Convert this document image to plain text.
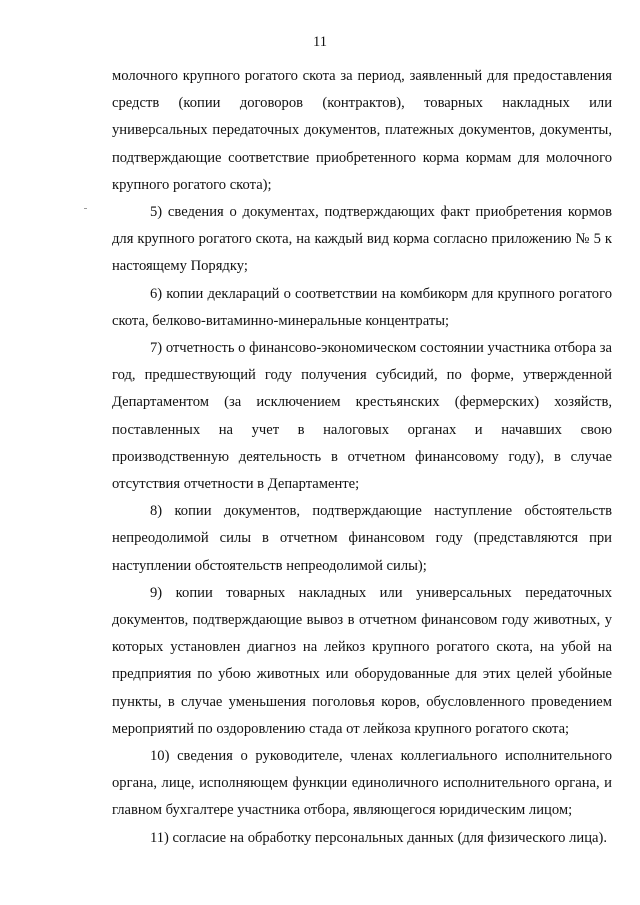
11

молочного крупного рогатого скота за период, заявленный для предоставления средств (копии договоров (контрактов), товарных накладных или универсальных передаточных документов, платежных документов, документы, подтверждающие соответствие приобретенного корма кормам для молочного крупного рогатого скота);

5) сведения о документах, подтверждающих факт приобретения кормов для крупного рогатого скота, на каждый вид корма согласно приложению № 5 к настоящему Порядку;

6) копии деклараций о соответствии на комбикорм для крупного рогатого скота, белково-витаминно-минеральные концентраты;

7) отчетность о финансово-экономическом состоянии участника отбора за год, предшествующий году получения субсидий, по форме, утвержденной Департаментом (за исключением крестьянских (фермерских) хозяйств, поставленных на учет в налоговых органах и начавших свою производственную деятельность в отчетном финансовому году), в случае отсутствия отчетности в Департаменте;

8) копии документов, подтверждающие наступление обстоятельств непреодолимой силы в отчетном финансовом году (представляются при наступлении обстоятельств непреодолимой силы);

9) копии товарных накладных или универсальных передаточных документов, подтверждающие вывоз в отчетном финансовом году животных, у которых установлен диагноз на лейкоз крупного рогатого скота, на убой на предприятия по убою животных или оборудованные для этих целей убойные пункты, в случае уменьшения поголовья коров, обусловленного проведением мероприятий по оздоровлению стада от лейкоза крупного рогатого скота;

10) сведения о руководителе, членах коллегиального исполнительного органа, лице, исполняющем функции единоличного исполнительного органа, и главном бухгалтере участника отбора, являющегося юридическим лицом;

11) согласие на обработку персональных данных (для физического лица).
